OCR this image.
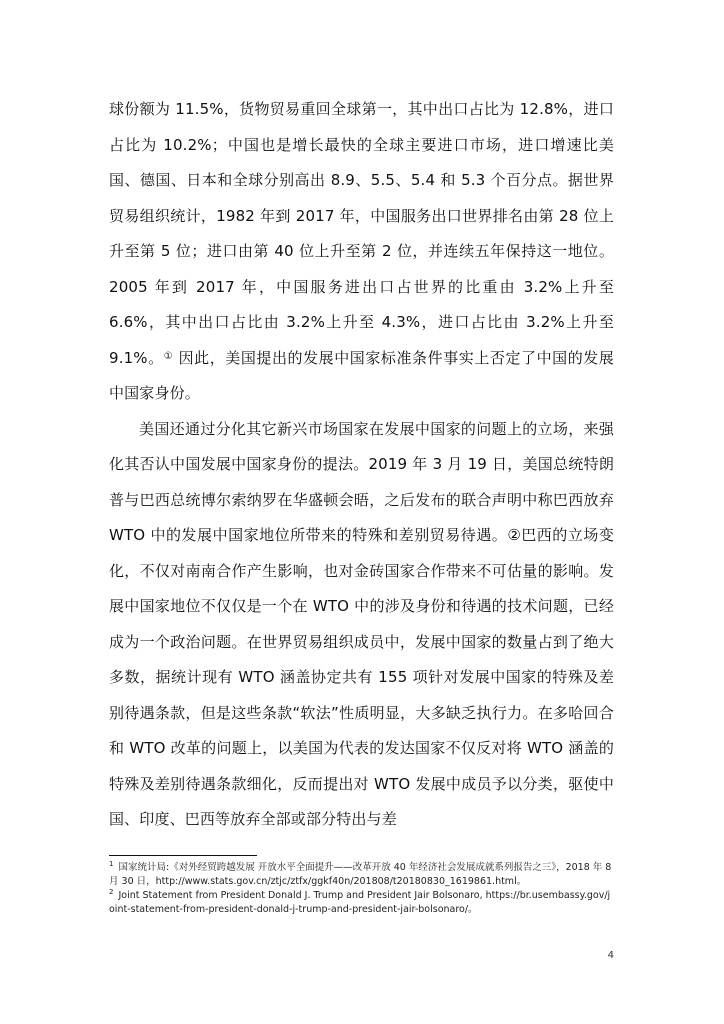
球份额为 11.5%，货物贸易重回全球第一，其中出口占比为 12.8%，进口占比为 10.2%；中国也是增长最快的全球主要进口市场，进口增速比美国、德国、日本和全球分别高出 8.9、5.5、5.4 和 5.3 个百分点。据世界贸易组织统计，1982 年到 2017 年，中国服务出口世界排名由第 28 位上升至第 5 位；进口由第 40 位上升至第 2 位，并连续五年保持这一地位。2005 年到 2017 年，中国服务进出口占世界的比重由 3.2%上升至 6.6%，其中出口占比由 3.2%上升至 4.3%，进口占比由 3.2%上升至 9.1%。① 因此，美国提出的发展中国家标准条件事实上否定了中国的发展中国家身份。

美国还通过分化其它新兴市场国家在发展中国家的问题上的立场，来强化其否认中国发展中国家身份的提法。2019 年 3 月 19 日，美国总统特朗普与巴西总统博尔索纳罗在华盛顿会晤，之后发布的联合声明中称巴西放弃 WTO 中的发展中国家地位所带来的特殊和差别贸易待遇。②巴西的立场变化，不仅对南南合作产生影响，也对金砖国家合作带来不可估量的影响。发展中国家地位不仅仅是一个在 WTO 中的涉及身份和待遇的技术问题，已经成为一个政治问题。在世界贸易组织成员中，发展中国家的数量占到了绝大多数，据统计现有 WTO 涵盖协定共有 155 项针对发展中国家的特殊及差别待遇条款，但是这些条款“软法”性质明显，大多缺乏执行力。在多哈回合和 WTO 改革的问题上，以美国为代表的发达国家不仅反对将 WTO 涵盖的特殊及差别待遇条款细化，反而提出对 WTO 发展中成员予以分类，驱使中国、印度、巴西等放弃全部或部分特出与差

$^1$ 国家统计局:《对外经贸跨越发展 开放水平全面提升——改革开放 40 年经济社会发展成就系列报告之三》，2018 年 8 月 30 日，http://www.stats.gov.cn/ztjc/ztfx/ggkf40n/201808/t20180830_1619861.html。

$^2$ Joint Statement from President Donald J. Trump and President Jair Bolsonaro, https://br.usembassy.gov/joint-statement-from-president-donald-j-trump-and-president-jair-bolsonaro/。

4
